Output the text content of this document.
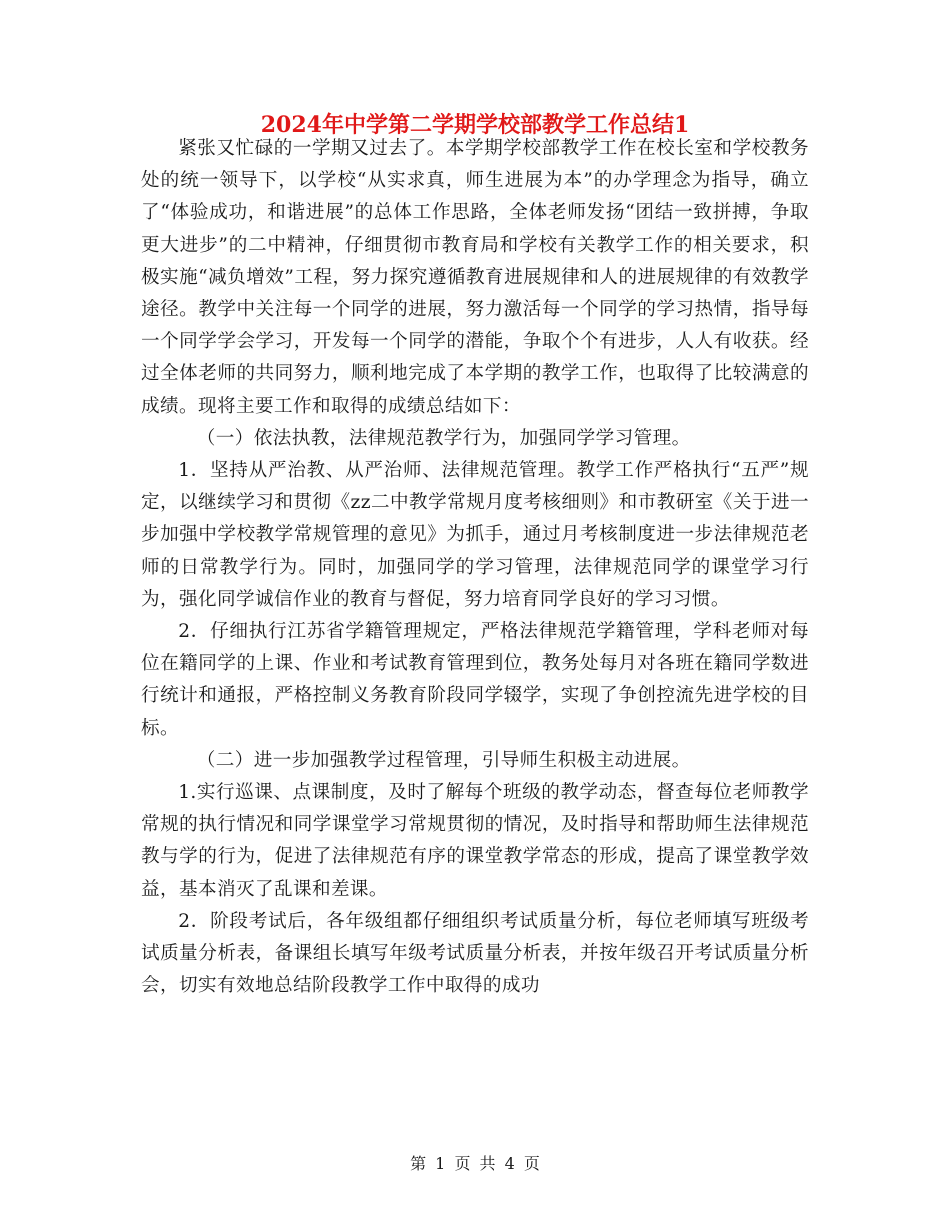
2024年中学第二学期学校部教学工作总结1

紧张又忙碌的一学期又过去了。本学期学校部教学工作在校长室和学校教务处的统一领导下，以学校“从实求真，师生进展为本”的办学理念为指导，确立了“体验成功，和谐进展”的总体工作思路，全体老师发扬“团结一致拼搏，争取更大进步”的二中精神，仔细贯彻市教育局和学校有关教学工作的相关要求，积极实施“减负增效”工程，努力探究遵循教育进展规律和人的进展规律的有效教学途径。教学中关注每一个同学的进展，努力激活每一个同学的学习热情，指导每一个同学学会学习，开发每一个同学的潜能，争取个个有进步，人人有收获。经过全体老师的共同努力，顺利地完成了本学期的教学工作，也取得了比较满意的成绩。现将主要工作和取得的成绩总结如下：

（一）依法执教，法律规范教学行为，加强同学学习管理。

1．坚持从严治教、从严治师、法律规范管理。教学工作严格执行“五严”规定，以继续学习和贯彻《zz二中教学常规月度考核细则》和市教研室《关于进一步加强中学校教学常规管理的意见》为抓手，通过月考核制度进一步法律规范老师的日常教学行为。同时，加强同学的学习管理，法律规范同学的课堂学习行为，强化同学诚信作业的教育与督促，努力培育同学良好的学习习惯。

2．仔细执行江苏省学籍管理规定，严格法律规范学籍管理，学科老师对每位在籍同学的上课、作业和考试教育管理到位，教务处每月对各班在籍同学数进行统计和通报，严格控制义务教育阶段同学辍学，实现了争创控流先进学校的目标。

（二）进一步加强教学过程管理，引导师生积极主动进展。

1.实行巡课、点课制度，及时了解每个班级的教学动态，督查每位老师教学常规的执行情况和同学课堂学习常规贯彻的情况，及时指导和帮助师生法律规范教与学的行为，促进了法律规范有序的课堂教学常态的形成，提高了课堂教学效益，基本消灭了乱课和差课。

2．阶段考试后，各年级组都仔细组织考试质量分析，每位老师填写班级考试质量分析表，备课组长填写年级考试质量分析表，并按年级召开考试质量分析会，切实有效地总结阶段教学工作中取得的成功

第 1 页 共 4 页
